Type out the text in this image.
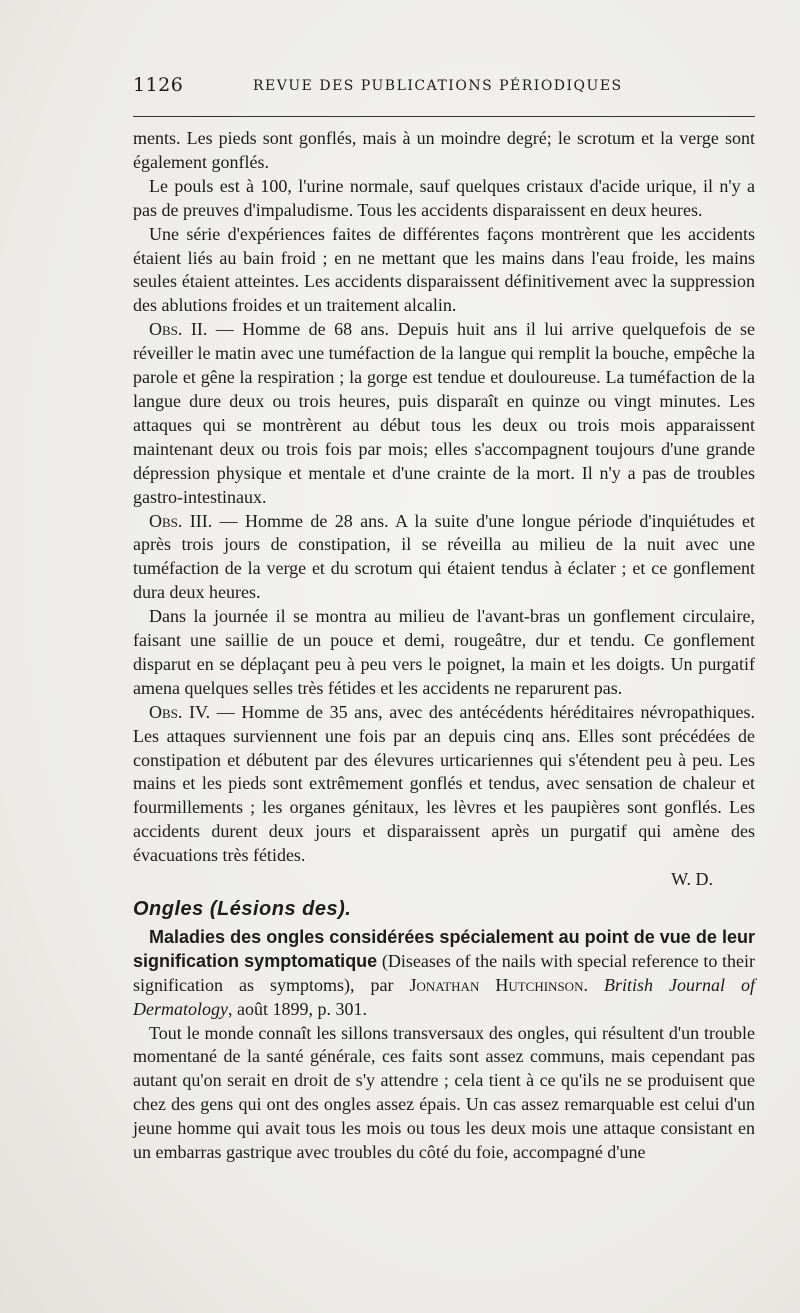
1126	REVUE DES PUBLICATIONS PÉRIODIQUES

ments. Les pieds sont gonflés, mais à un moindre degré; le scrotum et la verge sont également gonflés.

Le pouls est à 100, l'urine normale, sauf quelques cristaux d'acide urique, il n'y a pas de preuves d'impaludisme. Tous les accidents disparaissent en deux heures.

Une série d'expériences faites de différentes façons montrèrent que les accidents étaient liés au bain froid ; en ne mettant que les mains dans l'eau froide, les mains seules étaient atteintes. Les accidents disparaissent définitivement avec la suppression des ablutions froides et un traitement alcalin.

Obs. II. — Homme de 68 ans. Depuis huit ans il lui arrive quelquefois de se réveiller le matin avec une tuméfaction de la langue qui remplit la bouche, empêche la parole et gêne la respiration ; la gorge est tendue et douloureuse. La tuméfaction de la langue dure deux ou trois heures, puis disparaît en quinze ou vingt minutes. Les attaques qui se montrèrent au début tous les deux ou trois mois apparaissent maintenant deux ou trois fois par mois; elles s'accompagnent toujours d'une grande dépression physique et mentale et d'une crainte de la mort. Il n'y a pas de troubles gastro-intestinaux.

Obs. III. — Homme de 28 ans. A la suite d'une longue période d'inquiétudes et après trois jours de constipation, il se réveilla au milieu de la nuit avec une tuméfaction de la verge et du scrotum qui étaient tendus à éclater ; et ce gonflement dura deux heures.

Dans la journée il se montra au milieu de l'avant-bras un gonflement circulaire, faisant une saillie de un pouce et demi, rougeâtre, dur et tendu. Ce gonflement disparut en se déplaçant peu à peu vers le poignet, la main et les doigts. Un purgatif amena quelques selles très fétides et les accidents ne reparurent pas.

Obs. IV. — Homme de 35 ans, avec des antécédents héréditaires névropathiques. Les attaques surviennent une fois par an depuis cinq ans. Elles sont précédées de constipation et débutent par des élevures urticariennes qui s'étendent peu à peu. Les mains et les pieds sont extrêmement gonflés et tendus, avec sensation de chaleur et fourmillements ; les organes génitaux, les lèvres et les paupières sont gonflés. Les accidents durent deux jours et disparaissent après un purgatif qui amène des évacuations très fétides.

W. D.

Ongles (Lésions des).

Maladies des ongles considérées spécialement au point de vue de leur signification symptomatique (Diseases of the nails with special reference to their signification as symptoms), par Jonathan Hutchinson. British Journal of Dermatology, août 1899, p. 301.

Tout le monde connaît les sillons transversaux des ongles, qui résultent d'un trouble momentané de la santé générale, ces faits sont assez communs, mais cependant pas autant qu'on serait en droit de s'y attendre ; cela tient à ce qu'ils ne se produisent que chez des gens qui ont des ongles assez épais. Un cas assez remarquable est celui d'un jeune homme qui avait tous les mois ou tous les deux mois une attaque consistant en un embarras gastrique avec troubles du côté du foie, accompagné d'une
